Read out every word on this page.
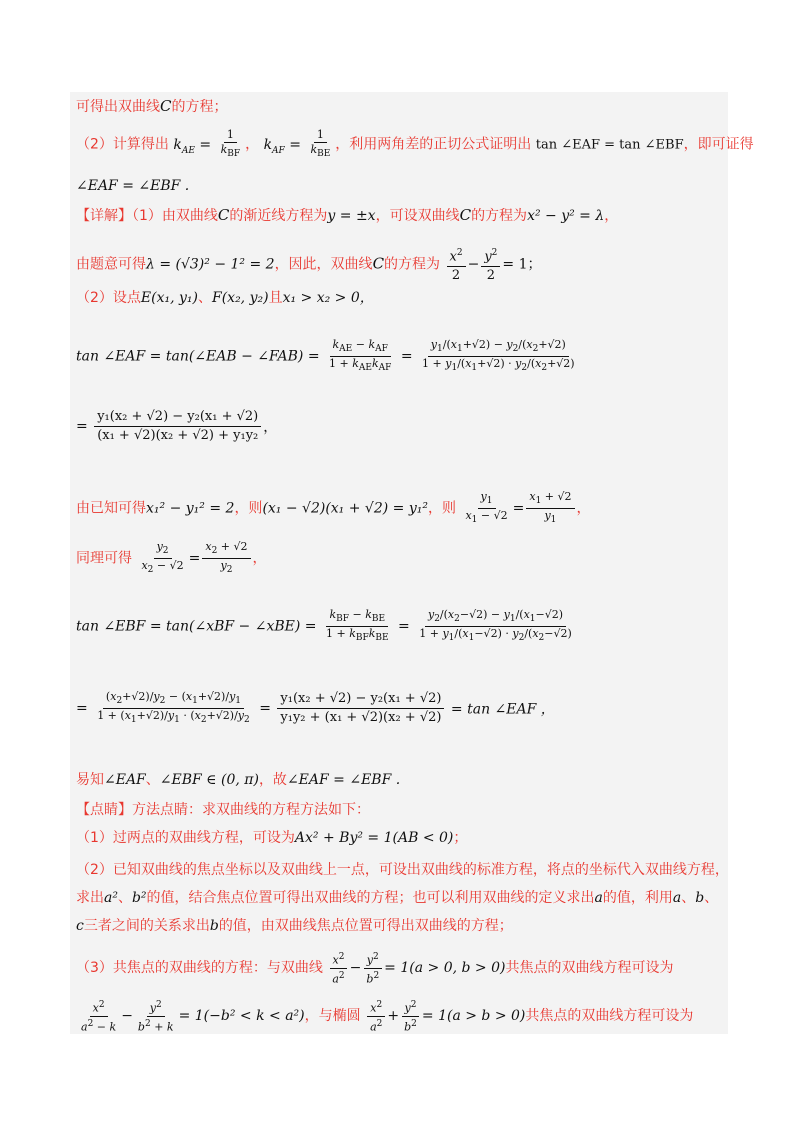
可得出双曲线C的方程；
（2）计算得出 $k_{AE} = \frac{1}{k_{BF}}$ ， $k_{AF} = \frac{1}{k_{BE}}$ ，利用两角差的正切公式证明出 tan ∠EAF = tan ∠EBF，即可证得
∠EAF = ∠EBF .
【详解】（1）由双曲线C的渐近线方程为y = ±x，可设双曲线C的方程为x² − y² = λ，
由题意可得λ = (√3)² − 1² = 2，因此，双曲线C的方程为 $\frac{x^2}{2} - \frac{y^2}{2} = 1$；
（2）设点E(x₁, y₁)、F(x₂, y₂)且x₁ > x₂ > 0，
tan ∠EAF = tan(∠EAB − ∠FAB) = $\frac{k_{AE} - k_{AF}}{1 + k_{AE}k_{AF}} = \frac{y_1/(x_1+√2) - y_2/(x_2+√2)}{1 + y_1/(x_1+√2) \cdot y_2/(x_2+√2)}$
= $\frac{\text{y₁(x₂ + √2) − y₂(x₁ + √2)}}{\text{(x₁ + √2)(x₂ + √2) + y₁y₂}}$ ，
由已知可得x₁² − y₁² = 2，则(x₁ − √2)(x₁ + √2) = y₁²，则 $\frac{y_1}{x_1 - √2} = \frac{x_1 + √2}{y_1}$ ，
同理可得 $\frac{y_2}{x_2 - √2} = \frac{x_2 + √2}{y_2}$ ，
tan ∠EBF = tan(∠xBF − ∠xBE) = $\frac{k_{BF} - k_{BE}}{1 + k_{BF}k_{BE}} = \frac{y_2/(x_2-√2) - y_1/(x_1-√2)}{1 + y_1/(x_1-√2) \cdot y_2/(x_2-√2)}$
= $\frac{(x_2+√2)/y_2 - (x_1+√2)/y_1}{1 + (x_1+√2)/y_1 \cdot (x_2+√2)/y_2} = \frac{\text{y₁(x₂ + √2) − y₂(x₁ + √2)}}{\text{y₁y₂ + (x₁ + √2)(x₂ + √2)}} = \tan$ ∠EAF ，
易知∠EAF、∠EBF ∈ (0, π)，故∠EAF = ∠EBF .
【点睛】方法点睛：求双曲线的方程方法如下：
（1）过两点的双曲线方程，可设为Ax² + By² = 1(AB < 0)；
（2）已知双曲线的焦点坐标以及双曲线上一点，可设出双曲线的标准方程，将点的坐标代入双曲线方程，
求出a²、b²的值，结合焦点位置可得出双曲线的方程；也可以利用双曲线的定义求出a的值，利用a、b、
c三者之间的关系求出b的值，由双曲线焦点位置可得出双曲线的方程；
（3）共焦点的双曲线的方程：与双曲线 $\frac{x^2}{a^2} - \frac{y^2}{b^2} = 1(a > 0$, b > 0)共焦点的双曲线方程可设为
$\frac{x^2}{a^2 - k} - \frac{y^2}{b^2 + k} = 1(-b^2 < k < a^2)$，与椭圆 $\frac{x^2}{a^2} + \frac{y^2}{b^2} = 1(a > b > 0)$共焦点的双曲线方程可设为
